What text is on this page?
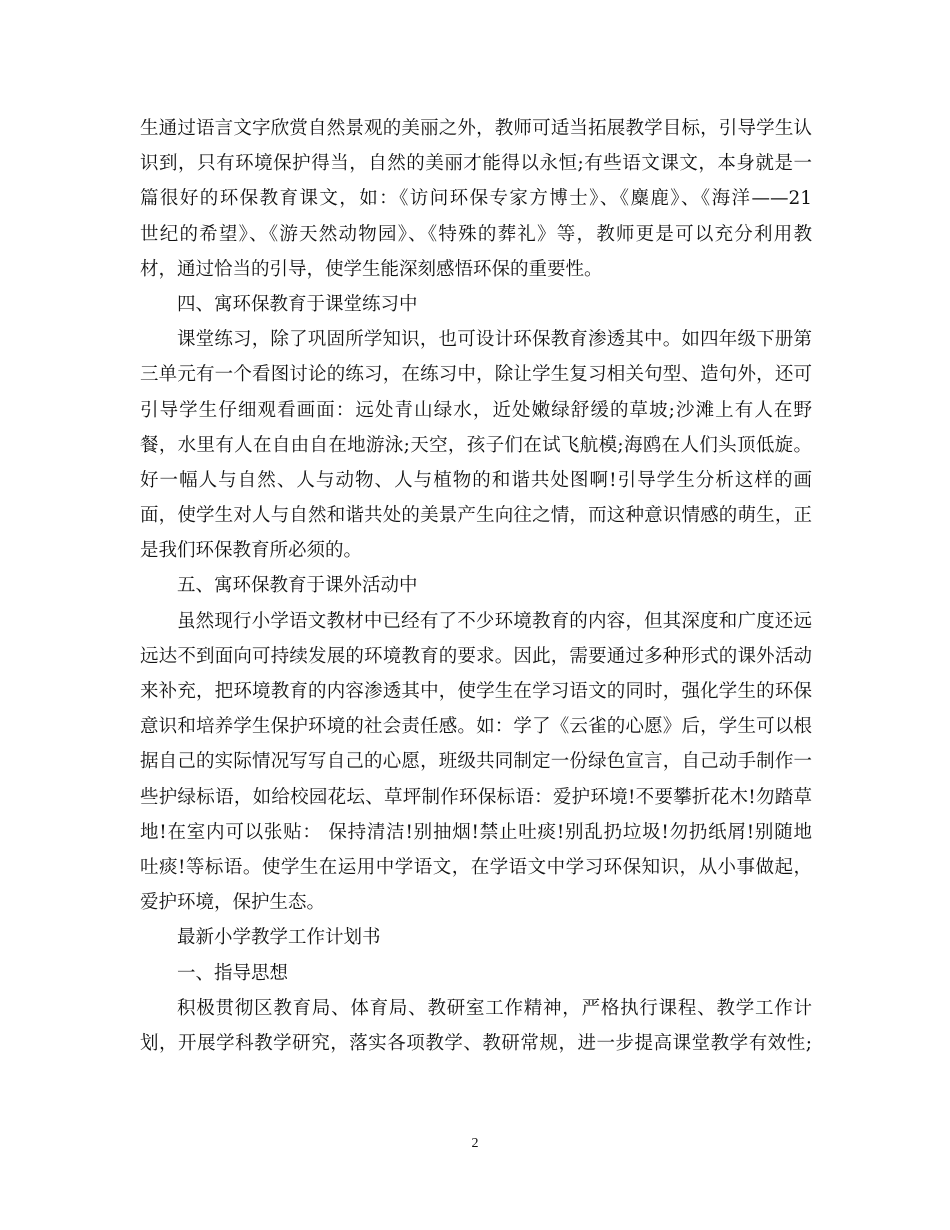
生通过语言文字欣赏自然景观的美丽之外，教师可适当拓展教学目标，引导学生认
识到，只有环境保护得当，自然的美丽才能得以永恒;有些语文课文，本身就是一
篇很好的环保教育课文，如：《访问环保专家方博士》、《麋鹿》、《海洋——21
世纪的希望》、《游天然动物园》、《特殊的葬礼》等，教师更是可以充分利用教
材，通过恰当的引导，使学生能深刻感悟环保的重要性。
四、寓环保教育于课堂练习中
课堂练习，除了巩固所学知识，也可设计环保教育渗透其中。如四年级下册第
三单元有一个看图讨论的练习，在练习中，除让学生复习相关句型、造句外，还可
引导学生仔细观看画面：远处青山绿水，近处嫩绿舒缓的草坡;沙滩上有人在野
餐，水里有人在自由自在地游泳;天空，孩子们在试飞航模;海鸥在人们头顶低旋。
好一幅人与自然、人与动物、人与植物的和谐共处图啊!引导学生分析这样的画
面，使学生对人与自然和谐共处的美景产生向往之情，而这种意识情感的萌生，正
是我们环保教育所必须的。
五、寓环保教育于课外活动中
虽然现行小学语文教材中已经有了不少环境教育的内容，但其深度和广度还远
远达不到面向可持续发展的环境教育的要求。因此，需要通过多种形式的课外活动
来补充，把环境教育的内容渗透其中，使学生在学习语文的同时，强化学生的环保
意识和培养学生保护环境的社会责任感。如：学了《云雀的心愿》后，学生可以根
据自己的实际情况写写自己的心愿，班级共同制定一份绿色宣言，自己动手制作一
些护绿标语，如给校园花坛、草坪制作环保标语：爱护环境!不要攀折花木!勿踏草
地!在室内可以张贴： 保持清洁!别抽烟!禁止吐痰!别乱扔垃圾!勿扔纸屑!别随地
吐痰!等标语。使学生在运用中学语文，在学语文中学习环保知识，从小事做起，
爱护环境，保护生态。
最新小学教学工作计划书
一、指导思想
积极贯彻区教育局、体育局、教研室工作精神，严格执行课程、教学工作计
划，开展学科教学研究，落实各项教学、教研常规，进一步提高课堂教学有效性;
2
